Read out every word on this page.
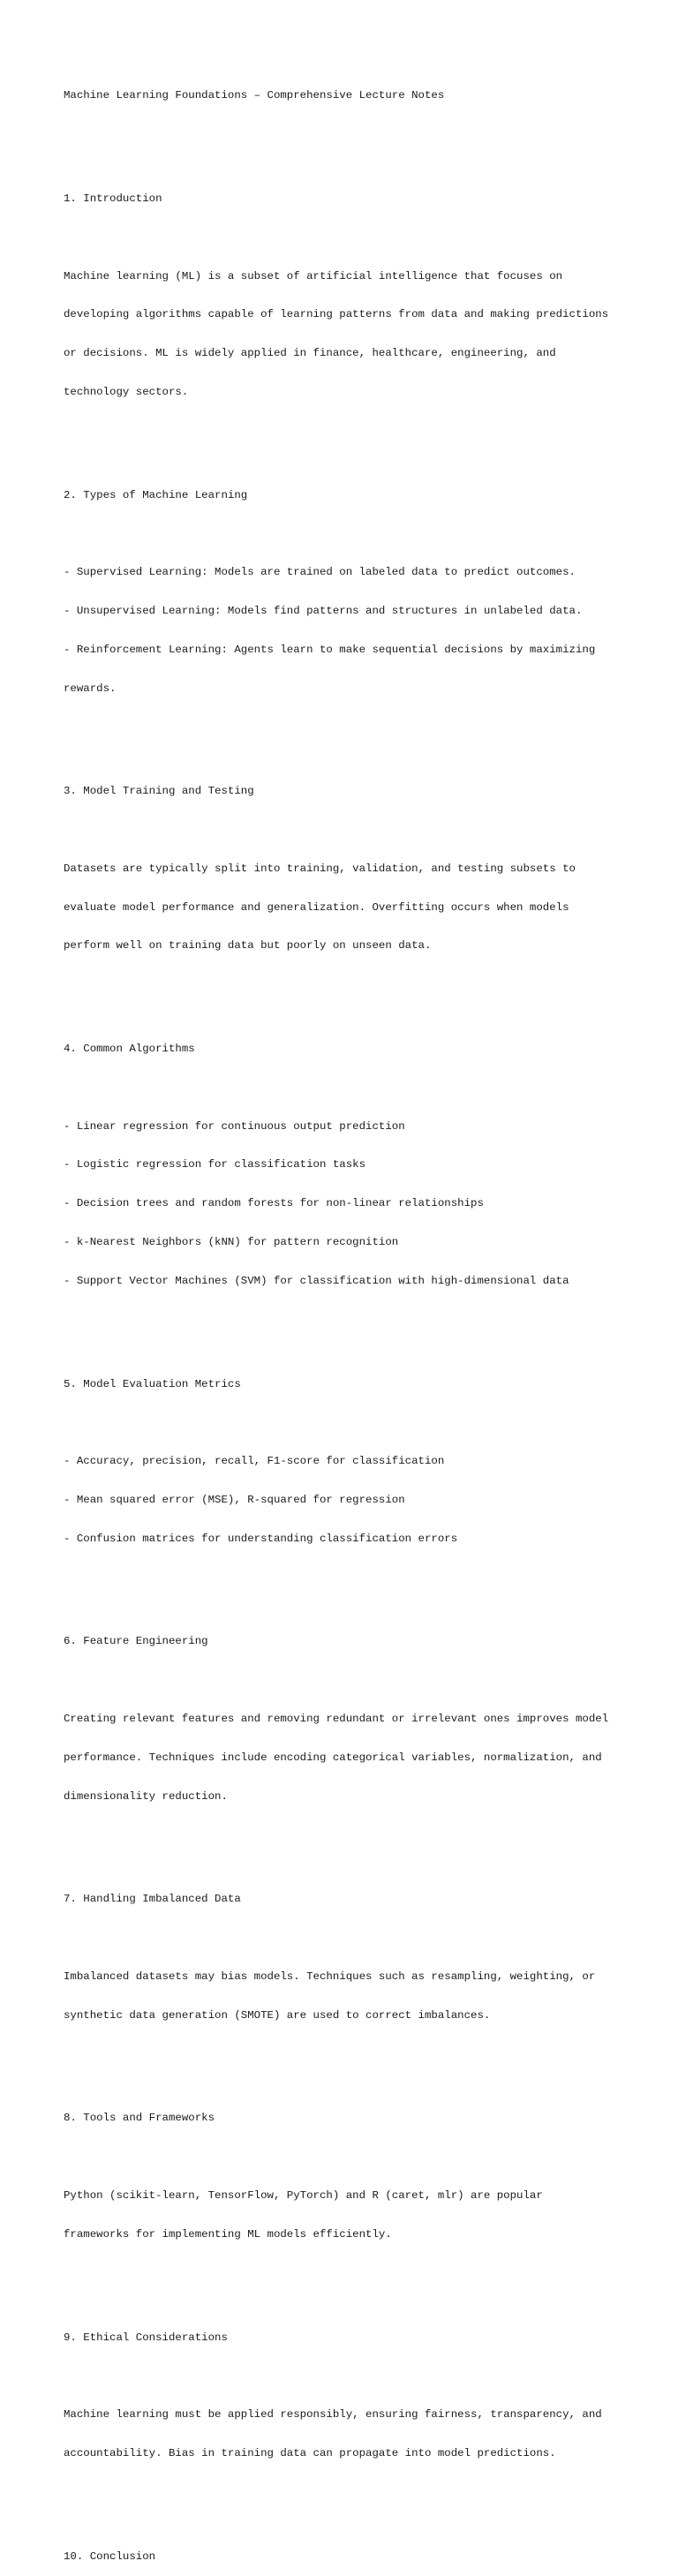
Machine Learning Foundations – Comprehensive Lecture Notes

1. Introduction

Machine learning (ML) is a subset of artificial intelligence that focuses on

developing algorithms capable of learning patterns from data and making predictions

or decisions. ML is widely applied in finance, healthcare, engineering, and

technology sectors.

2. Types of Machine Learning

- Supervised Learning: Models are trained on labeled data to predict outcomes.

- Unsupervised Learning: Models find patterns and structures in unlabeled data.

- Reinforcement Learning: Agents learn to make sequential decisions by maximizing

rewards.

3. Model Training and Testing

Datasets are typically split into training, validation, and testing subsets to

evaluate model performance and generalization. Overfitting occurs when models

perform well on training data but poorly on unseen data.

4. Common Algorithms

- Linear regression for continuous output prediction

- Logistic regression for classification tasks

- Decision trees and random forests for non-linear relationships

- k-Nearest Neighbors (kNN) for pattern recognition

- Support Vector Machines (SVM) for classification with high-dimensional data

5. Model Evaluation Metrics

- Accuracy, precision, recall, F1-score for classification

- Mean squared error (MSE), R-squared for regression

- Confusion matrices for understanding classification errors

6. Feature Engineering

Creating relevant features and removing redundant or irrelevant ones improves model

performance. Techniques include encoding categorical variables, normalization, and

dimensionality reduction.

7. Handling Imbalanced Data

Imbalanced datasets may bias models. Techniques such as resampling, weighting, or

synthetic data generation (SMOTE) are used to correct imbalances.

8. Tools and Frameworks

Python (scikit-learn, TensorFlow, PyTorch) and R (caret, mlr) are popular

frameworks for implementing ML models efficiently.

9. Ethical Considerations

Machine learning must be applied responsibly, ensuring fairness, transparency, and

accountability. Bias in training data can propagate into model predictions.

10. Conclusion
